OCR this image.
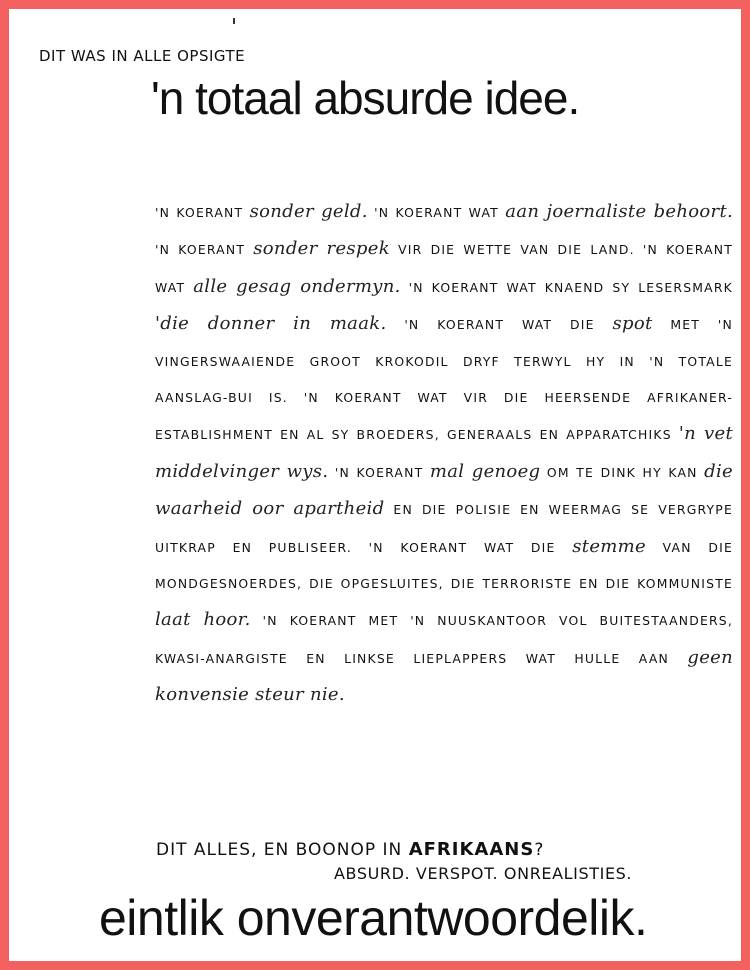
DIT WAS IN ALLE OPSIGTE
'n totaal absurde idee.
'N KOERANT sonder geld. 'N KOERANT WAT aan joernaliste behoort. 'N KOERANT sonder respek VIR DIE WETTE VAN DIE LAND. 'N KOERANT WAT alle gesag ondermyn. 'N KOERANT WAT KNAEND SY LESERSMARK 'die donner in maak. 'N KOERANT WAT DIE spot MET 'N VINGERSWAAIENDE GROOT KROKODIL DRYF TERWYL HY IN 'N TOTALE AANSLAG-BUI IS. 'N KOERANT WAT VIR DIE HEERSENDE AFRIKANER-ESTABLISHMENT EN AL SY BROEDERS, GENERAALS EN APPARATCHIKS 'n vet middelvinger wys. 'N KOERANT mal genoeg OM TE DINK HY KAN die waarheid oor apartheid EN DIE POLISIE EN WEERMAG SE VERGRYPE UITKRAP EN PUBLISEER. 'N KOERANT WAT DIE stemme VAN DIE MONDGESNOERDES, DIE OPGESLUITES, DIE TERRORISTE EN DIE KOMMUNISTE laat hoor. 'N KOERANT MET 'N NUUSKANTOOR VOL BUITESTAANDERS, KWASI-ANARGISTE EN LINKSE LIEPLAPPERS WAT HULLE AAN geen konvensie steur nie.
DIT ALLES, EN BOONOP IN AFRIKAANS?
ABSURD. VERSPOT. ONREALISTIES.
eintlik onverantwoordelik.
